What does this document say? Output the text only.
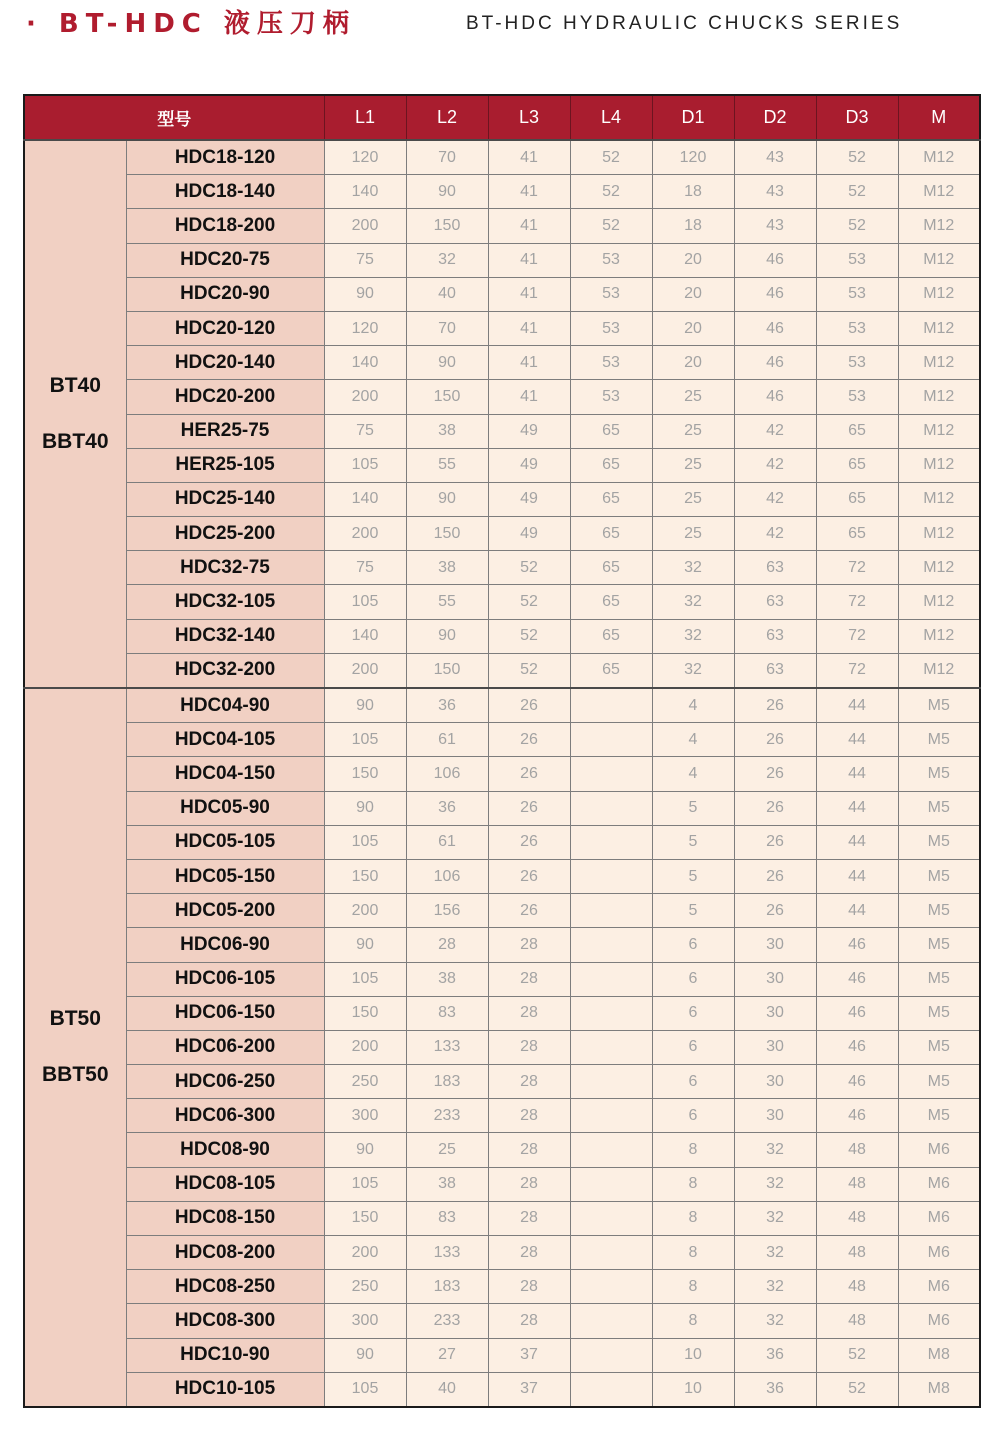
· BT-HDC 液压刀柄	BT-HDC HYDRAULIC CHUCKS SERIES
型号		L1	L2	L3	L4	D1	D2	D3	M

BT40
BBT40	HDC18-120	120	70	41	52	120	43	52	M12
	HDC18-140	140	90	41	52	18	43	52	M12
	HDC18-200	200	150	41	52	18	43	52	M12
	HDC20-75	75	32	41	53	20	46	53	M12
	HDC20-90	90	40	41	53	20	46	53	M12
	HDC20-120	120	70	41	53	20	46	53	M12
	HDC20-140	140	90	41	53	20	46	53	M12
	HDC20-200	200	150	41	53	25	46	53	M12
	HER25-75	75	38	49	65	25	42	65	M12
	HER25-105	105	55	49	65	25	42	65	M12
	HDC25-140	140	90	49	65	25	42	65	M12
	HDC25-200	200	150	49	65	25	42	65	M12
	HDC32-75	75	38	52	65	32	63	72	M12
	HDC32-105	105	55	52	65	32	63	72	M12
	HDC32-140	140	90	52	65	32	63	72	M12
	HDC32-200	200	150	52	65	32	63	72	M12

BT50
BBT50	HDC04-90	90	36	26		4	26	44	M5
	HDC04-105	105	61	26		4	26	44	M5
	HDC04-150	150	106	26		4	26	44	M5
	HDC05-90	90	36	26		5	26	44	M5
	HDC05-105	105	61	26		5	26	44	M5
	HDC05-150	150	106	26		5	26	44	M5
	HDC05-200	200	156	26		5	26	44	M5
	HDC06-90	90	28	28		6	30	46	M5
	HDC06-105	105	38	28		6	30	46	M5
	HDC06-150	150	83	28		6	30	46	M5
	HDC06-200	200	133	28		6	30	46	M5
	HDC06-250	250	183	28		6	30	46	M5
	HDC06-300	300	233	28		6	30	46	M5
	HDC08-90	90	25	28		8	32	48	M6
	HDC08-105	105	38	28		8	32	48	M6
	HDC08-150	150	83	28		8	32	48	M6
	HDC08-200	200	133	28		8	32	48	M6
	HDC08-250	250	183	28		8	32	48	M6
	HDC08-300	300	233	28		8	32	48	M6
	HDC10-90	90	27	37		10	36	52	M8
	HDC10-105	105	40	37		10	36	52	M8
